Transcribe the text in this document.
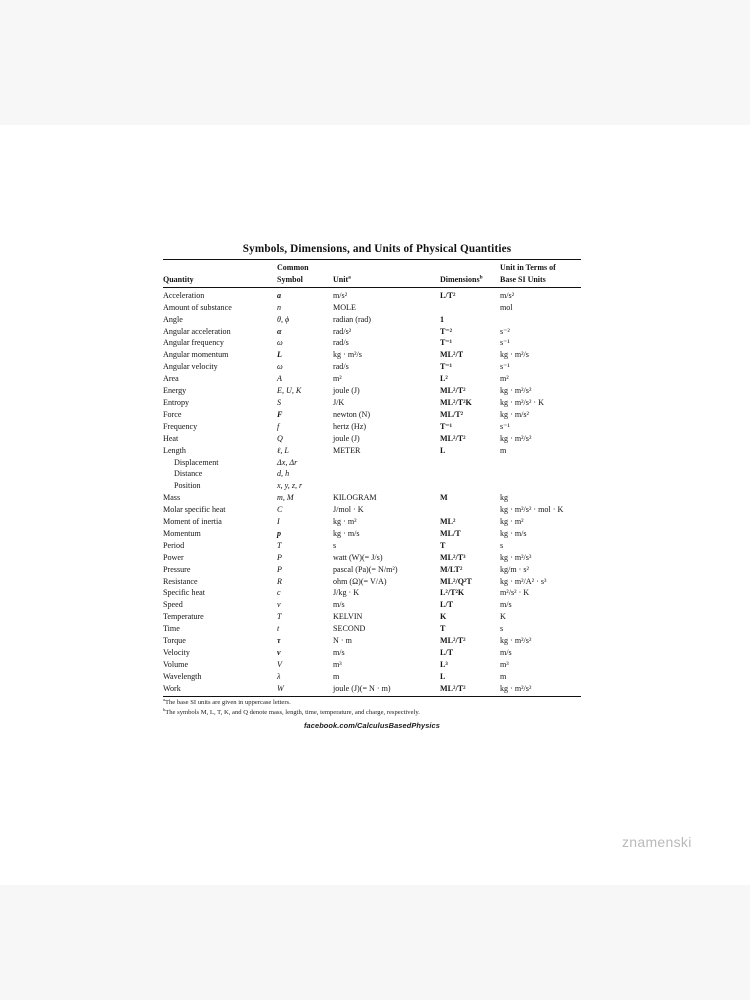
Symbols, Dimensions, and Units of Physical Quantities

	Common			Unit in Terms of
Quantity	Symbol	Unit$^a$	Dimensions$^b$	Base SI Units
Acceleration	a⃗	m/s²	L/T²	m/s²
Amount of substance	n	MOLE		mol
Angle	θ, ϕ	radian (rad)	1	
Angular acceleration	α⃗	rad/s²	T⁻²	s⁻²
Angular frequency	ω	rad/s	T⁻¹	s⁻¹
Angular momentum	L⃗	kg · m²/s	ML²/T	kg · m²/s
Angular velocity	ω⃗	rad/s	T⁻¹	s⁻¹
Area	A	m²	L²	m²
Energy	E, U, K	joule (J)	ML²/T²	kg · m²/s²
Entropy	S	J/K	ML²/T²K	kg · m²/s² · K
Force	F⃗	newton (N)	ML/T²	kg · m/s²
Frequency	f	hertz (Hz)	T⁻¹	s⁻¹
Heat	Q	joule (J)	ML²/T²	kg · m²/s²
Length	ℓ, L	METER	L	m

Displacement	Δx, Δr⃗			

Distance	d, h			

Position	x, y, z, r⃗			
Mass	m, M	KILOGRAM	M	kg
Molar specific heat	C	J/mol · K		kg · m²/s² · mol · K
Moment of inertia	I	kg · m²	ML²	kg · m²
Momentum	p⃗	kg · m/s	ML/T	kg · m/s
Period	T	s	T	s
Power	P	watt (W)(= J/s)	ML²/T³	kg · m²/s³
Pressure	P	pascal (Pa)(= N/m²)	M/LT²	kg/m · s²
Resistance	R	ohm (Ω)(= V/A)	ML²/Q²T	kg · m²/A² · s³
Specific heat	c	J/kg · K	L²/T²K	m²/s² · K
Speed	v	m/s	L/T	m/s
Temperature	T	KELVIN	K	K
Time	t	SECOND	T	s
Torque	τ⃗	N · m	ML²/T²	kg · m²/s²
Velocity	v⃗	m/s	L/T	m/s
Volume	V	m³	L³	m³
Wavelength	λ	m	L	m
Work	W	joule (J)(= N · m)	ML²/T²	kg · m²/s²
$^a$The base SI units are given in uppercase letters.
$^b$The symbols M, L, T, K, and Q denote mass, length, time, temperature, and charge, respectively.
facebook.com/CalculusBasedPhysics
znamenski
